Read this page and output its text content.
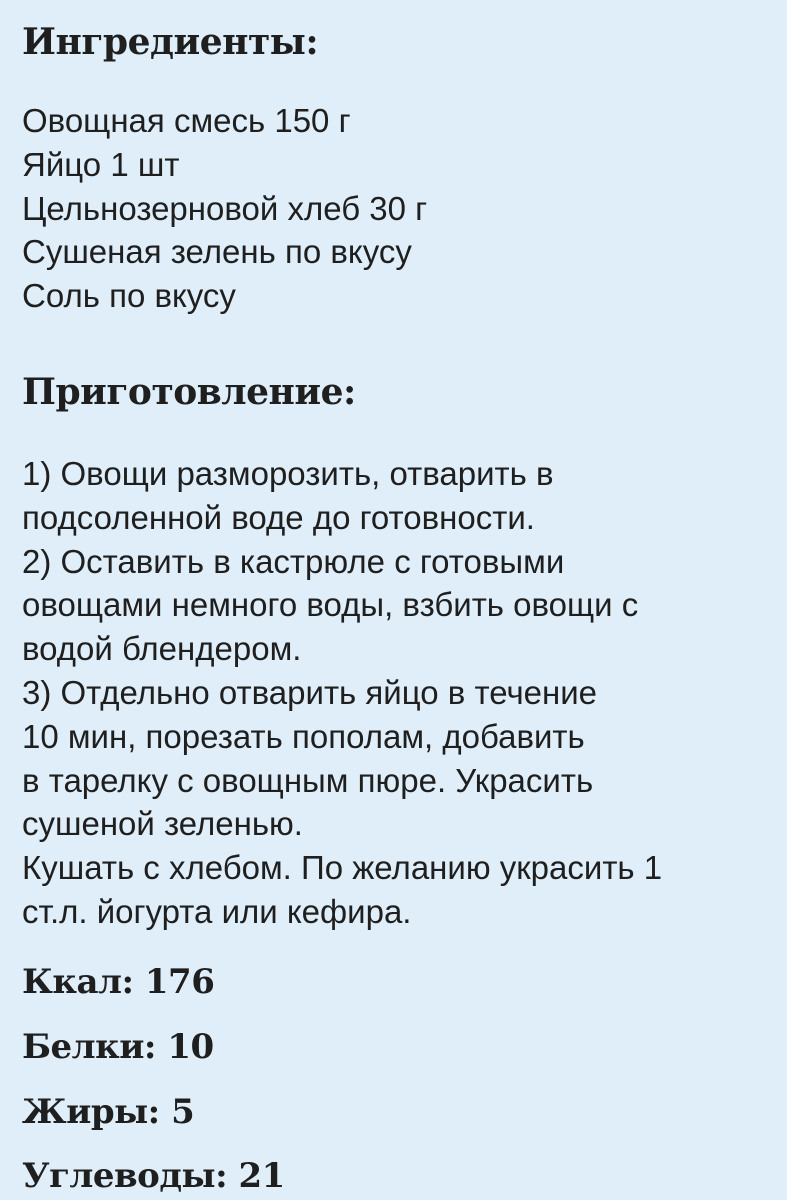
Ингредиенты:
Овощная смесь 150 г
Яйцо 1 шт
Цельнозерновой хлеб 30 г
Сушеная зелень по вкусу
Соль по вкусу
Приготовление:
1) Овощи разморозить, отварить в
подсоленной воде до готовности.
2) Оставить в кастрюле с готовыми
овощами немного воды, взбить овощи с
водой блендером.
3) Отдельно отварить яйцо в течение
10 мин, порезать пополам, добавить
в тарелку с овощным пюре. Украсить
сушеной зеленью.
Кушать с хлебом. По желанию украсить 1
ст.л. йогурта или кефира.
Ккал: 176
Белки: 10
Жиры: 5
Углеводы: 21
